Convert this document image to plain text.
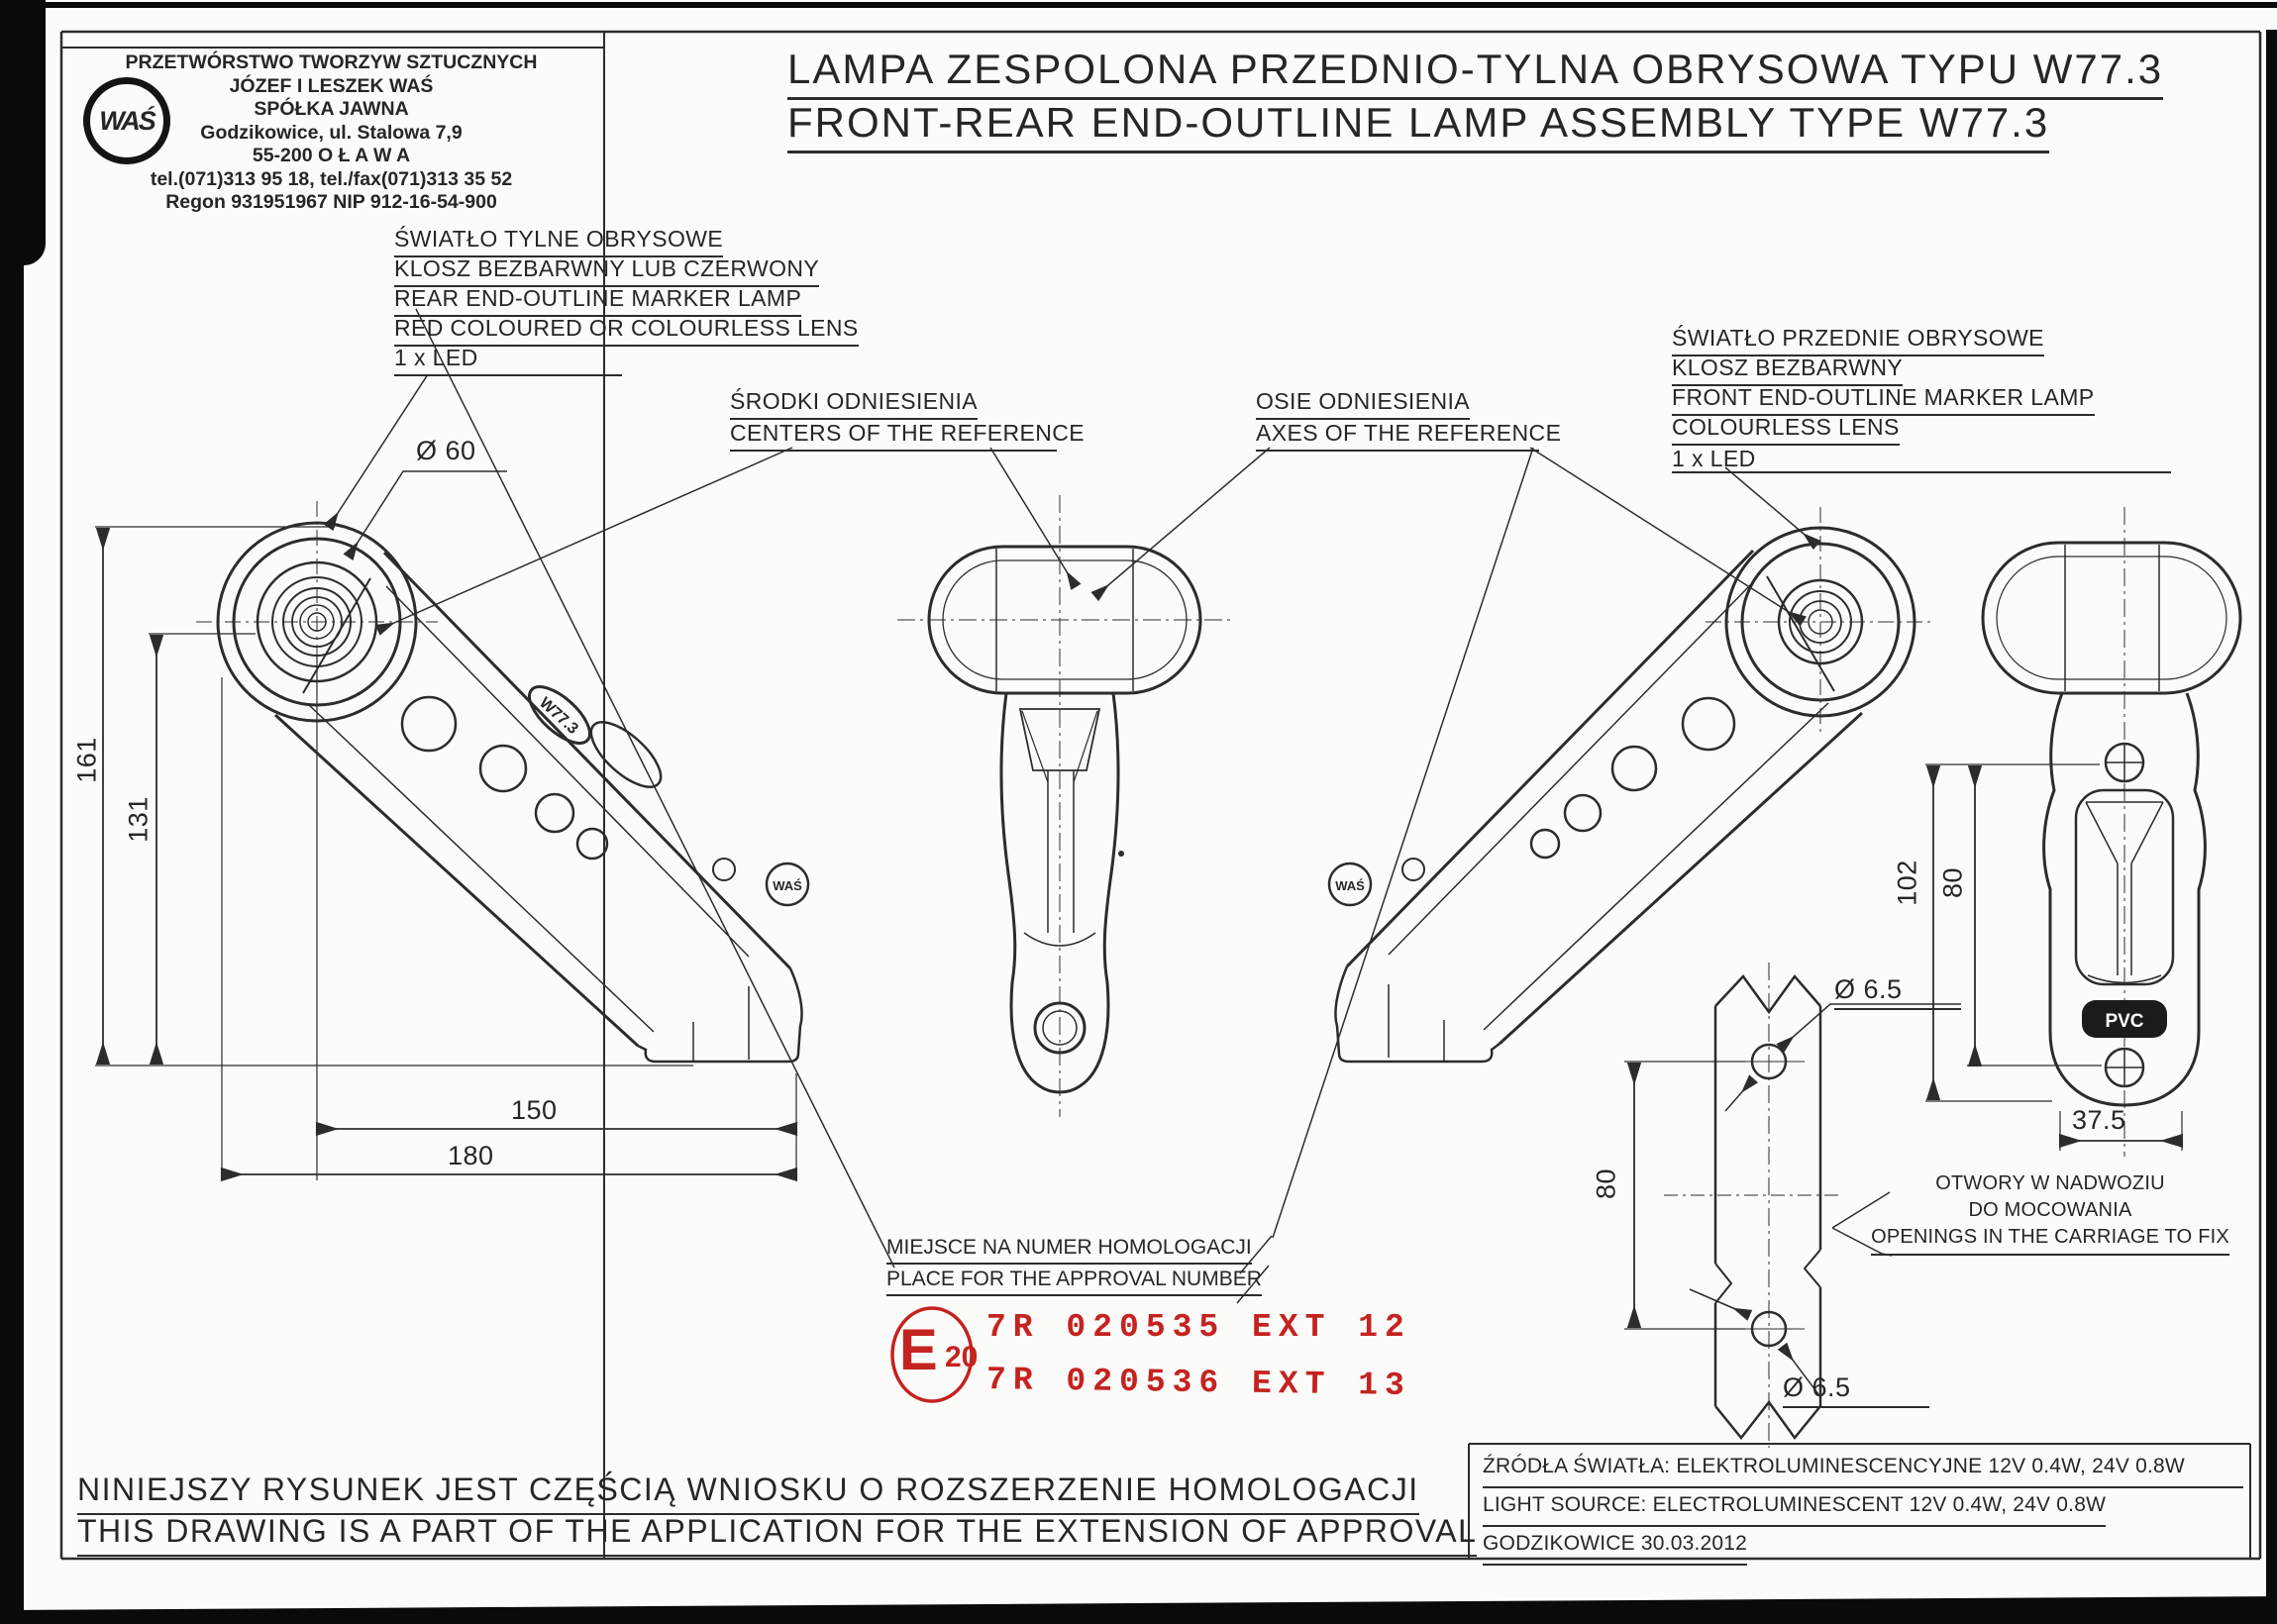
W77.3
WAŚ	WAŚ
PVC
WAŚ
PRZETWÓRSTWO TWORZYW SZTUCZNYCH
JÓZEF I LESZEK WAŚ
SPÓŁKA JAWNA
Godzikowice, ul. Stalowa 7,9
55-200 O Ł A W A
tel.(071)313 95 18, tel./fax(071)313 35 52
Regon 931951967 NIP 912-16-54-900
LAMPA ZESPOLONA PRZEDNIO-TYLNA OBRYSOWA TYPU W77.3
FRONT-REAR END-OUTLINE LAMP ASSEMBLY TYPE W77.3
ŚWIATŁO TYLNE OBRYSOWE
KLOSZ BEZBARWNY LUB CZERWONY
REAR END-OUTLINE MARKER LAMP
RED COLOURED OR COLOURLESS LENS
1 x LED
ŚWIATŁO PRZEDNIE OBRYSOWE
KLOSZ BEZBARWNY
FRONT END-OUTLINE MARKER LAMP
COLOURLESS LENS
1 x LED
ŚRODKI ODNIESIENIA
CENTERS OF THE REFERENCE
OSIE ODNIESIENIA
AXES OF THE REFERENCE
MIEJSCE NA NUMER HOMOLOGACJI
PLACE FOR THE APPROVAL NUMBER
OTWORY W NADWOZIU
DO MOCOWANIA
OPENINGS IN THE CARRIAGE TO FIX
Ø 60
161
131
150
180
102 80
37.5
Ø 6.5
80
Ø 6.5
E 20
7R 020535 EXT 12
7R 020536 EXT 13
NINIEJSZY RYSUNEK JEST CZĘŚCIĄ WNIOSKU O ROZSZERZENIE HOMOLOGACJI
THIS DRAWING IS A PART OF THE APPLICATION FOR THE EXTENSION OF APPROVAL
ŹRÓDŁA ŚWIATŁA: ELEKTROLUMINESCENCYJNE 12V 0.4W, 24V 0.8W
LIGHT SOURCE: ELECTROLUMINESCENT 12V 0.4W, 24V 0.8W
GODZIKOWICE 30.03.2012
